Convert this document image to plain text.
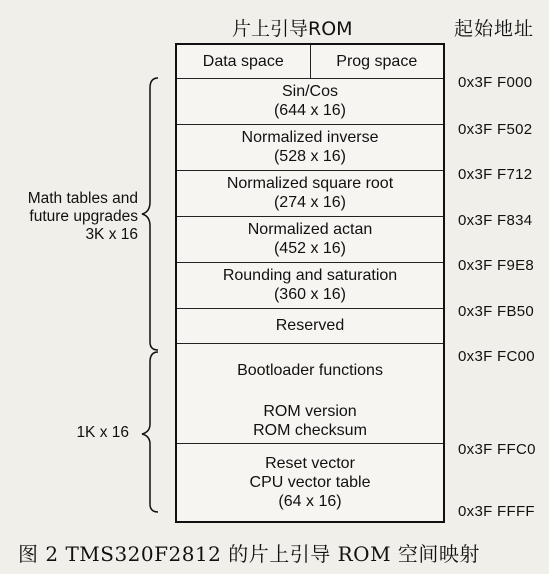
片上引导ROM	起始地址
Data space	Prog space
Sin/Cos
(644 x 16)
Normalized inverse
(528 x 16)
Normalized square root
(274 x 16)
Normalized actan
(452 x 16)
Rounding and saturation
(360 x 16)
Reserved
Bootloader functions
ROM version
ROM checksum
Reset vector
CPU vector table
(64 x 16)
0x3F F000
0x3F F502
0x3F F712
0x3F F834
0x3F F9E8
0x3F FB50
0x3F FC00
0x3F FFC0
0x3F FFFF
Math tables and
future upgrades
3K x 16
1K x 16
图 2 TMS320F2812 的片上引导 ROM 空间映射
